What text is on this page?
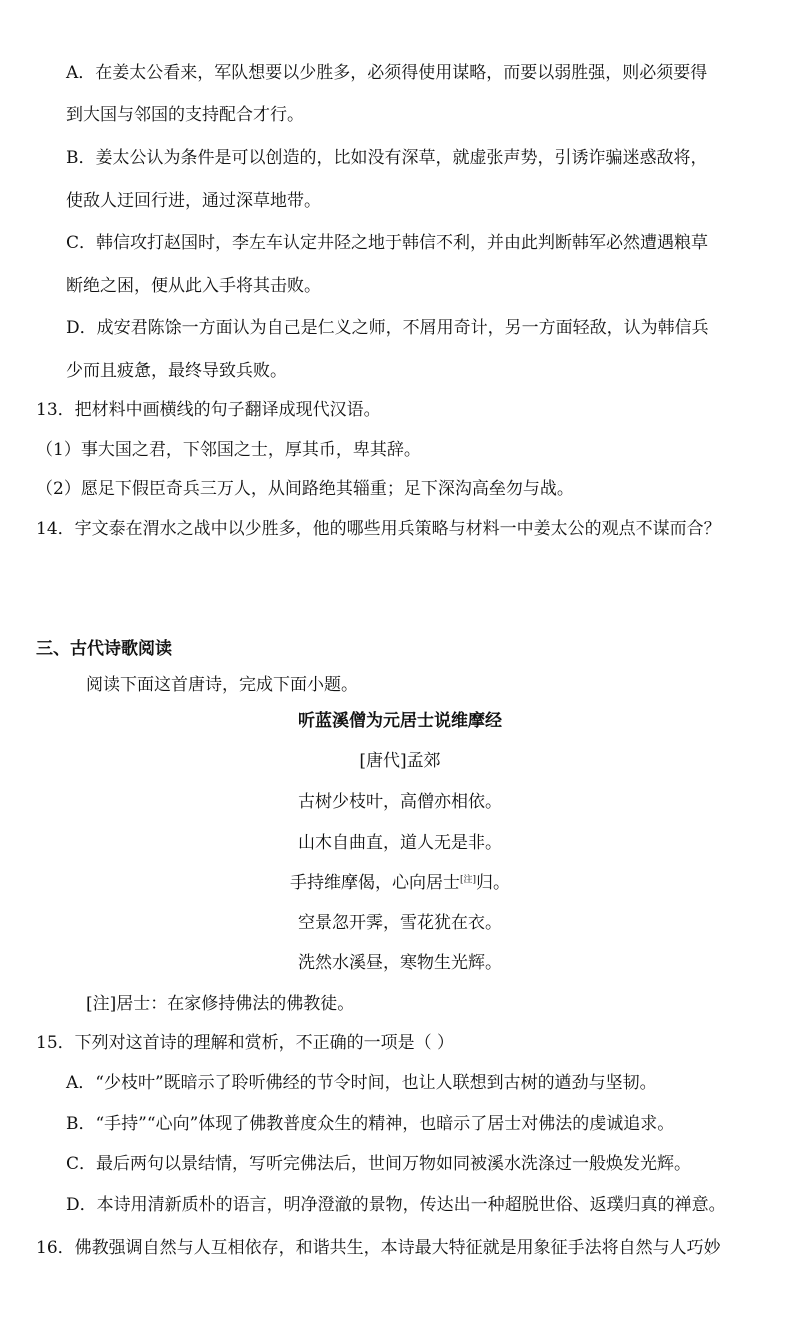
A．在姜太公看来，军队想要以少胜多，必须得使用谋略，而要以弱胜强，则必须要得
到大国与邻国的支持配合才行。
B．姜太公认为条件是可以创造的，比如没有深草，就虚张声势，引诱诈骗迷惑敌将，
使敌人迂回行进，通过深草地带。
C．韩信攻打赵国时，李左车认定井陉之地于韩信不利，并由此判断韩军必然遭遇粮草
断绝之困，便从此入手将其击败。
D．成安君陈馀一方面认为自己是仁义之师，不屑用奇计，另一方面轻敌，认为韩信兵
少而且疲惫，最终导致兵败。
13．把材料中画横线的句子翻译成现代汉语。
（1）事大国之君，下邻国之士，厚其币，卑其辞。
（2）愿足下假臣奇兵三万人，从间路绝其辎重；足下深沟高垒勿与战。
14．宇文泰在渭水之战中以少胜多，他的哪些用兵策略与材料一中姜太公的观点不谋而合？
三、古代诗歌阅读
阅读下面这首唐诗，完成下面小题。
听蓝溪僧为元居士说维摩经
[唐代]孟郊
古树少枝叶，高僧亦相依。
山木自曲直，道人无是非。
手持维摩偈，心向居士[注]归。
空景忽开霁，雪花犹在衣。
洗然水溪昼，寒物生光辉。
[注]居士：在家修持佛法的佛教徒。
15．下列对这首诗的理解和赏析，不正确的一项是（ ）
A．“少枝叶”既暗示了聆听佛经的节令时间，也让人联想到古树的遒劲与坚韧。
B．“手持”“心向”体现了佛教普度众生的精神，也暗示了居士对佛法的虔诚追求。
C．最后两句以景结情，写听完佛法后，世间万物如同被溪水洗涤过一般焕发光辉。
D．本诗用清新质朴的语言，明净澄澈的景物，传达出一种超脱世俗、返璞归真的禅意。
16．佛教强调自然与人互相依存，和谐共生，本诗最大特征就是用象征手法将自然与人巧妙
